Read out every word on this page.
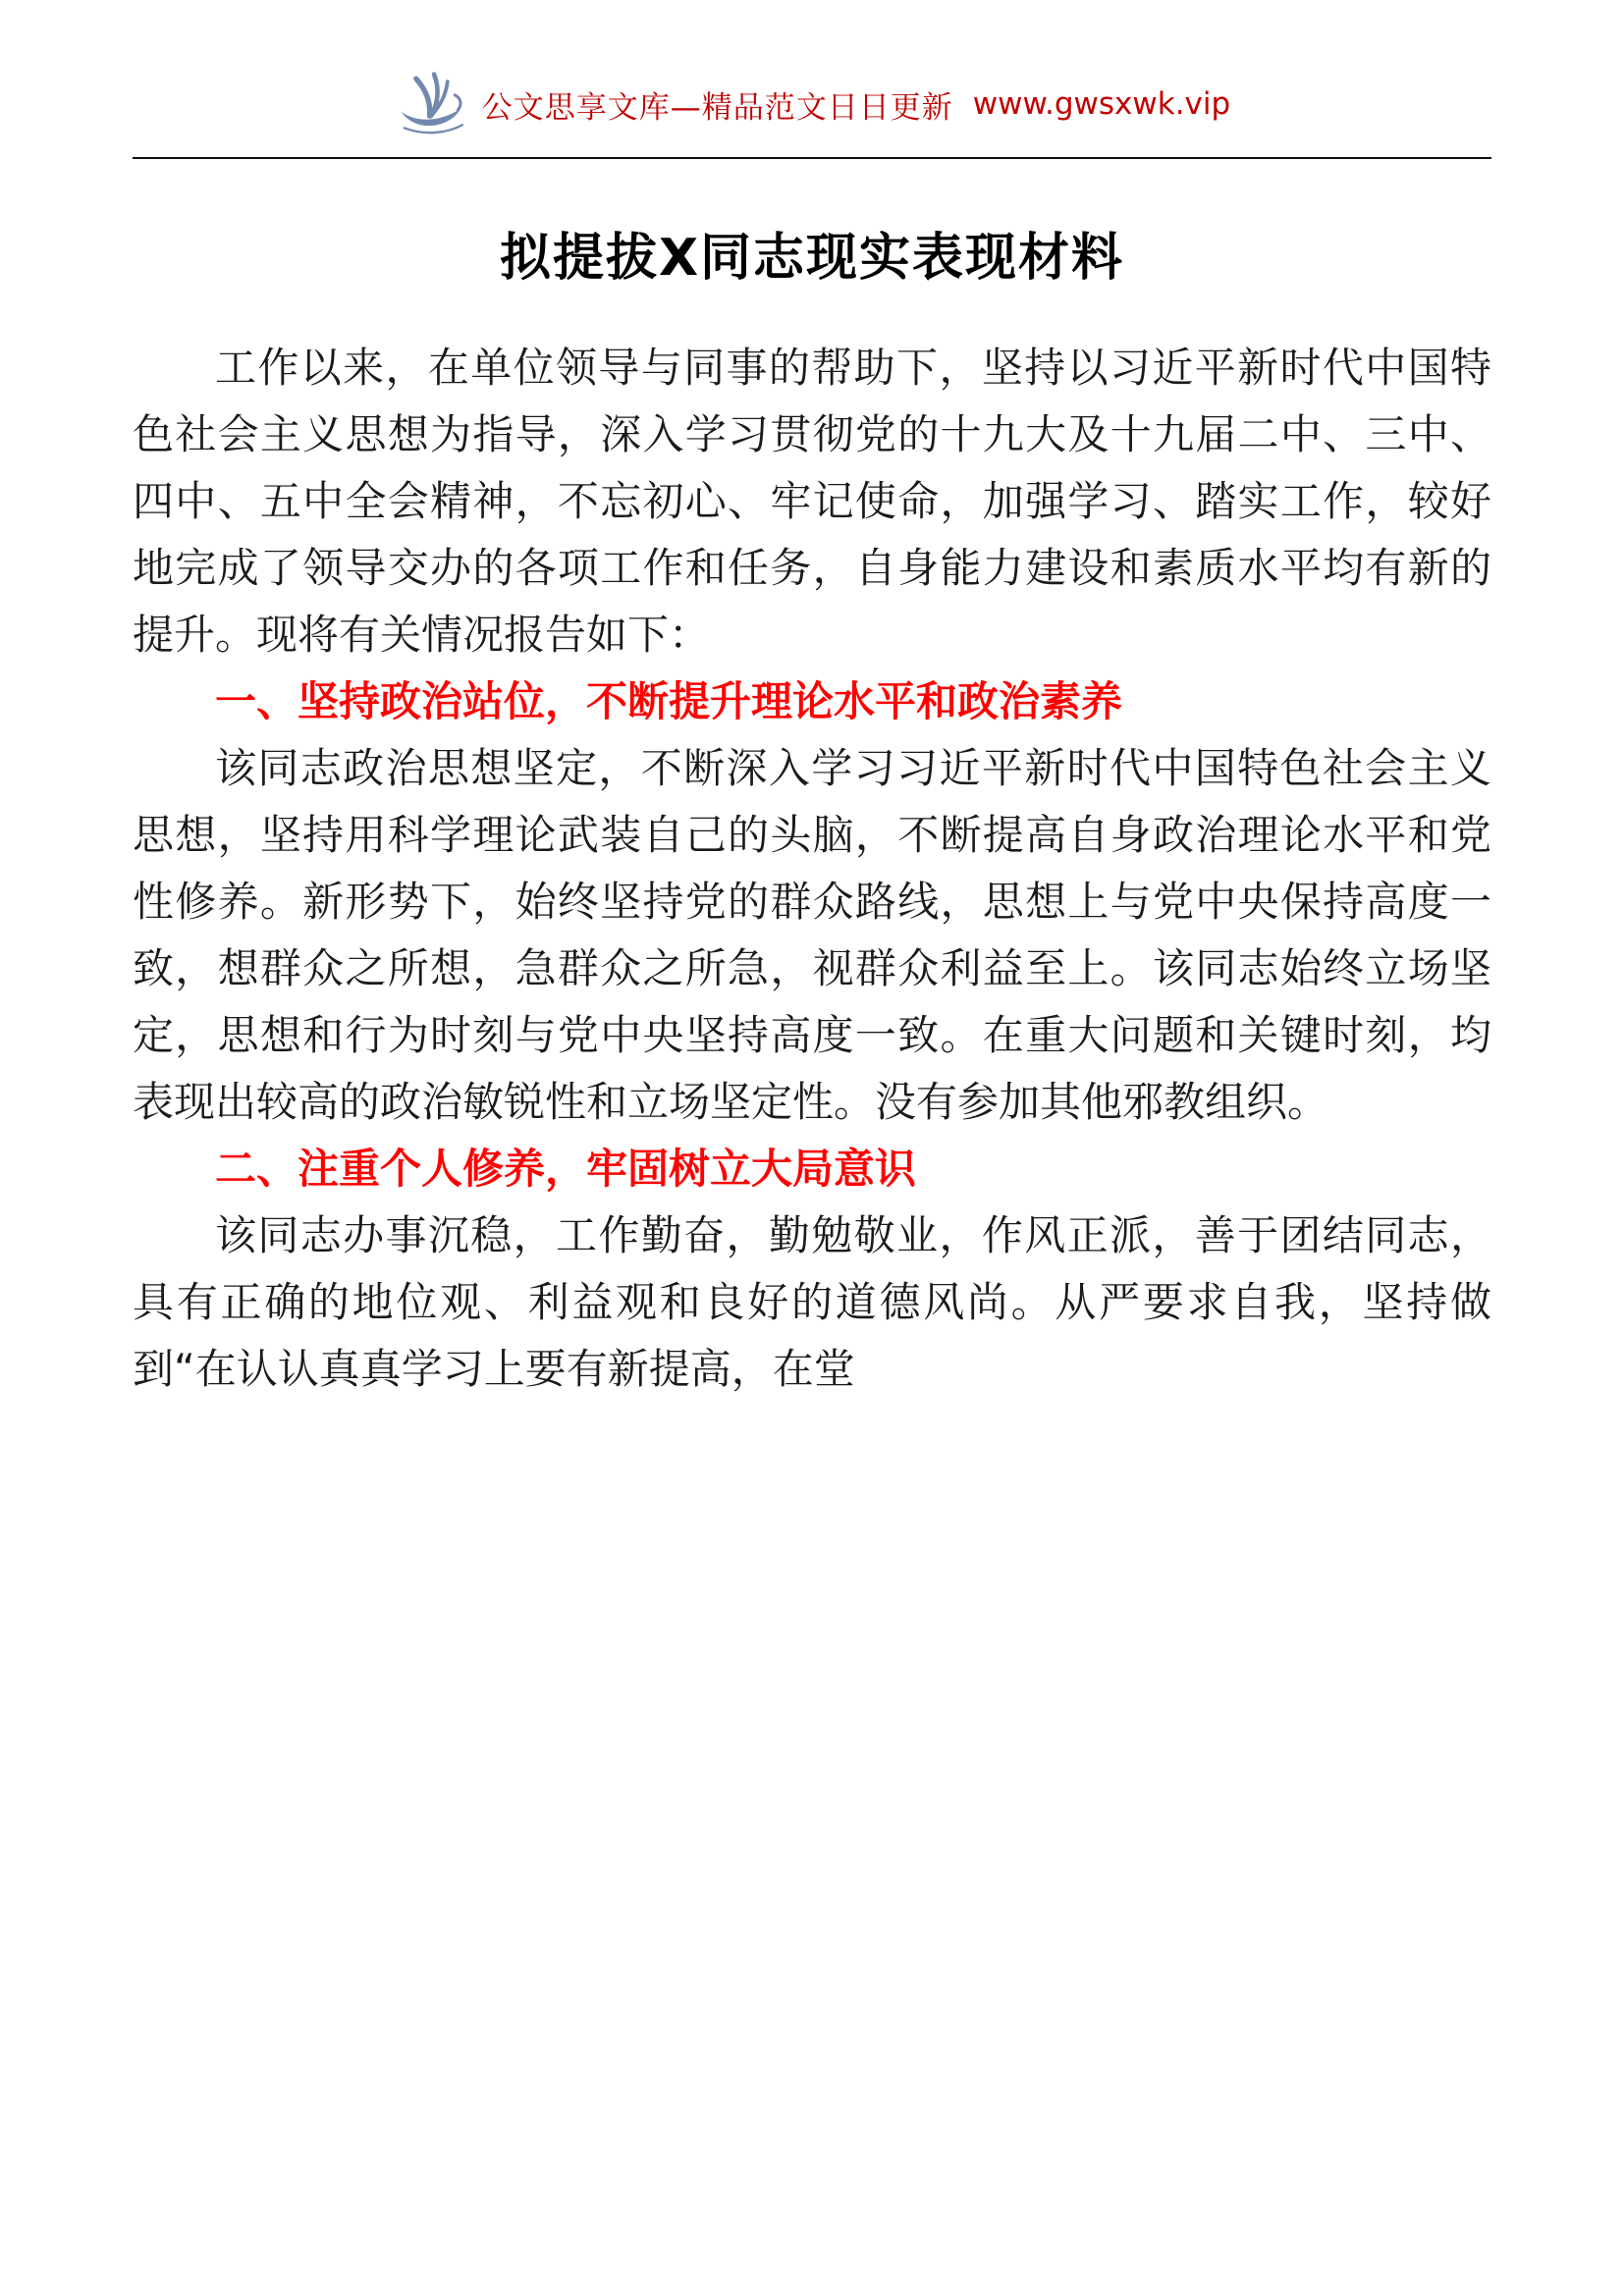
公文思享文库—精品范文日日更新 www.gwsxwk.vip
拟提拔X同志现实表现材料

工作以来，在单位领导与同事的帮助下，坚持以习近平新时代中国特色社会主义思想为指导，深入学习贯彻党的十九大及十九届二中、三中、四中、五中全会精神，不忘初心、牢记使命，加强学习、踏实工作，较好地完成了领导交办的各项工作和任务，自身能力建设和素质水平均有新的提升。现将有关情况报告如下：

一、坚持政治站位，不断提升理论水平和政治素养

该同志政治思想坚定，不断深入学习习近平新时代中国特色社会主义思想，坚持用科学理论武装自己的头脑，不断提高自身政治理论水平和党性修养。新形势下，始终坚持党的群众路线，思想上与党中央保持高度一致，想群众之所想，急群众之所急，视群众利益至上。该同志始终立场坚定，思想和行为时刻与党中央坚持高度一致。在重大问题和关键时刻，均表现出较高的政治敏锐性和立场坚定性。没有参加其他邪教组织。

二、注重个人修养，牢固树立大局意识

该同志办事沉稳，工作勤奋，勤勉敬业，作风正派，善于团结同志，具有正确的地位观、利益观和良好的道德风尚。从严要求自我，坚持做到“在认认真真学习上要有新提高，在堂
